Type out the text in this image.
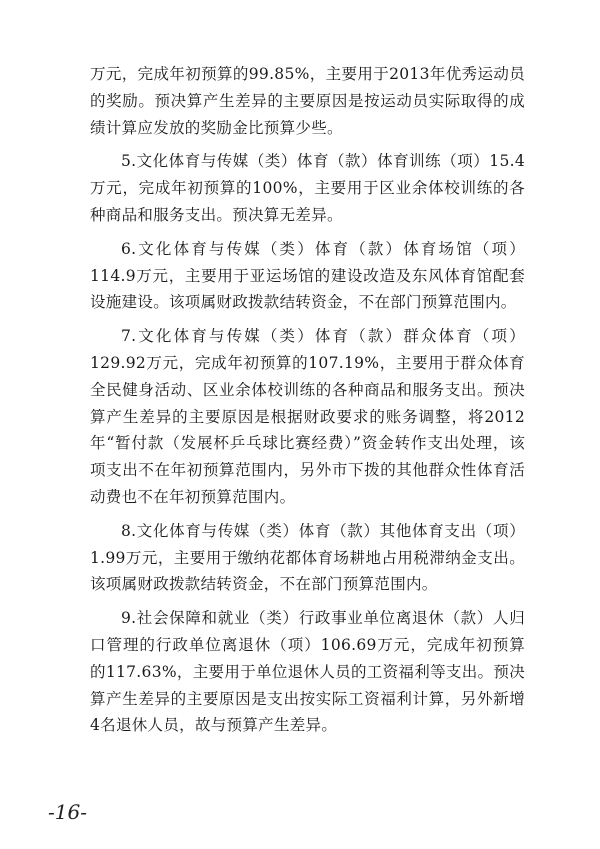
万元，完成年初预算的99.85%，主要用于2013年优秀运动员的奖励。预决算产生差异的主要原因是按运动员实际取得的成绩计算应发放的奖励金比预算少些。

5.文化体育与传媒（类）体育（款）体育训练（项）15.4万元，完成年初预算的100%，主要用于区业余体校训练的各种商品和服务支出。预决算无差异。

6.文化体育与传媒（类）体育（款）体育场馆（项）114.9万元，主要用于亚运场馆的建设改造及东风体育馆配套设施建设。该项属财政拨款结转资金，不在部门预算范围内。

7.文化体育与传媒（类）体育（款）群众体育（项）129.92万元，完成年初预算的107.19%，主要用于群众体育全民健身活动、区业余体校训练的各种商品和服务支出。预决算产生差异的主要原因是根据财政要求的账务调整，将2012年“暂付款（发展杯乒乓球比赛经费）”资金转作支出处理，该项支出不在年初预算范围内，另外市下拨的其他群众性体育活动费也不在年初预算范围内。

8.文化体育与传媒（类）体育（款）其他体育支出（项）1.99万元，主要用于缴纳花都体育场耕地占用税滞纳金支出。该项属财政拨款结转资金，不在部门预算范围内。

9.社会保障和就业（类）行政事业单位离退休（款）人归口管理的行政单位离退休（项）106.69万元，完成年初预算的117.63%，主要用于单位退休人员的工资福利等支出。预决算产生差异的主要原因是支出按实际工资福利计算，另外新增4名退休人员，故与预算产生差异。

-16-
